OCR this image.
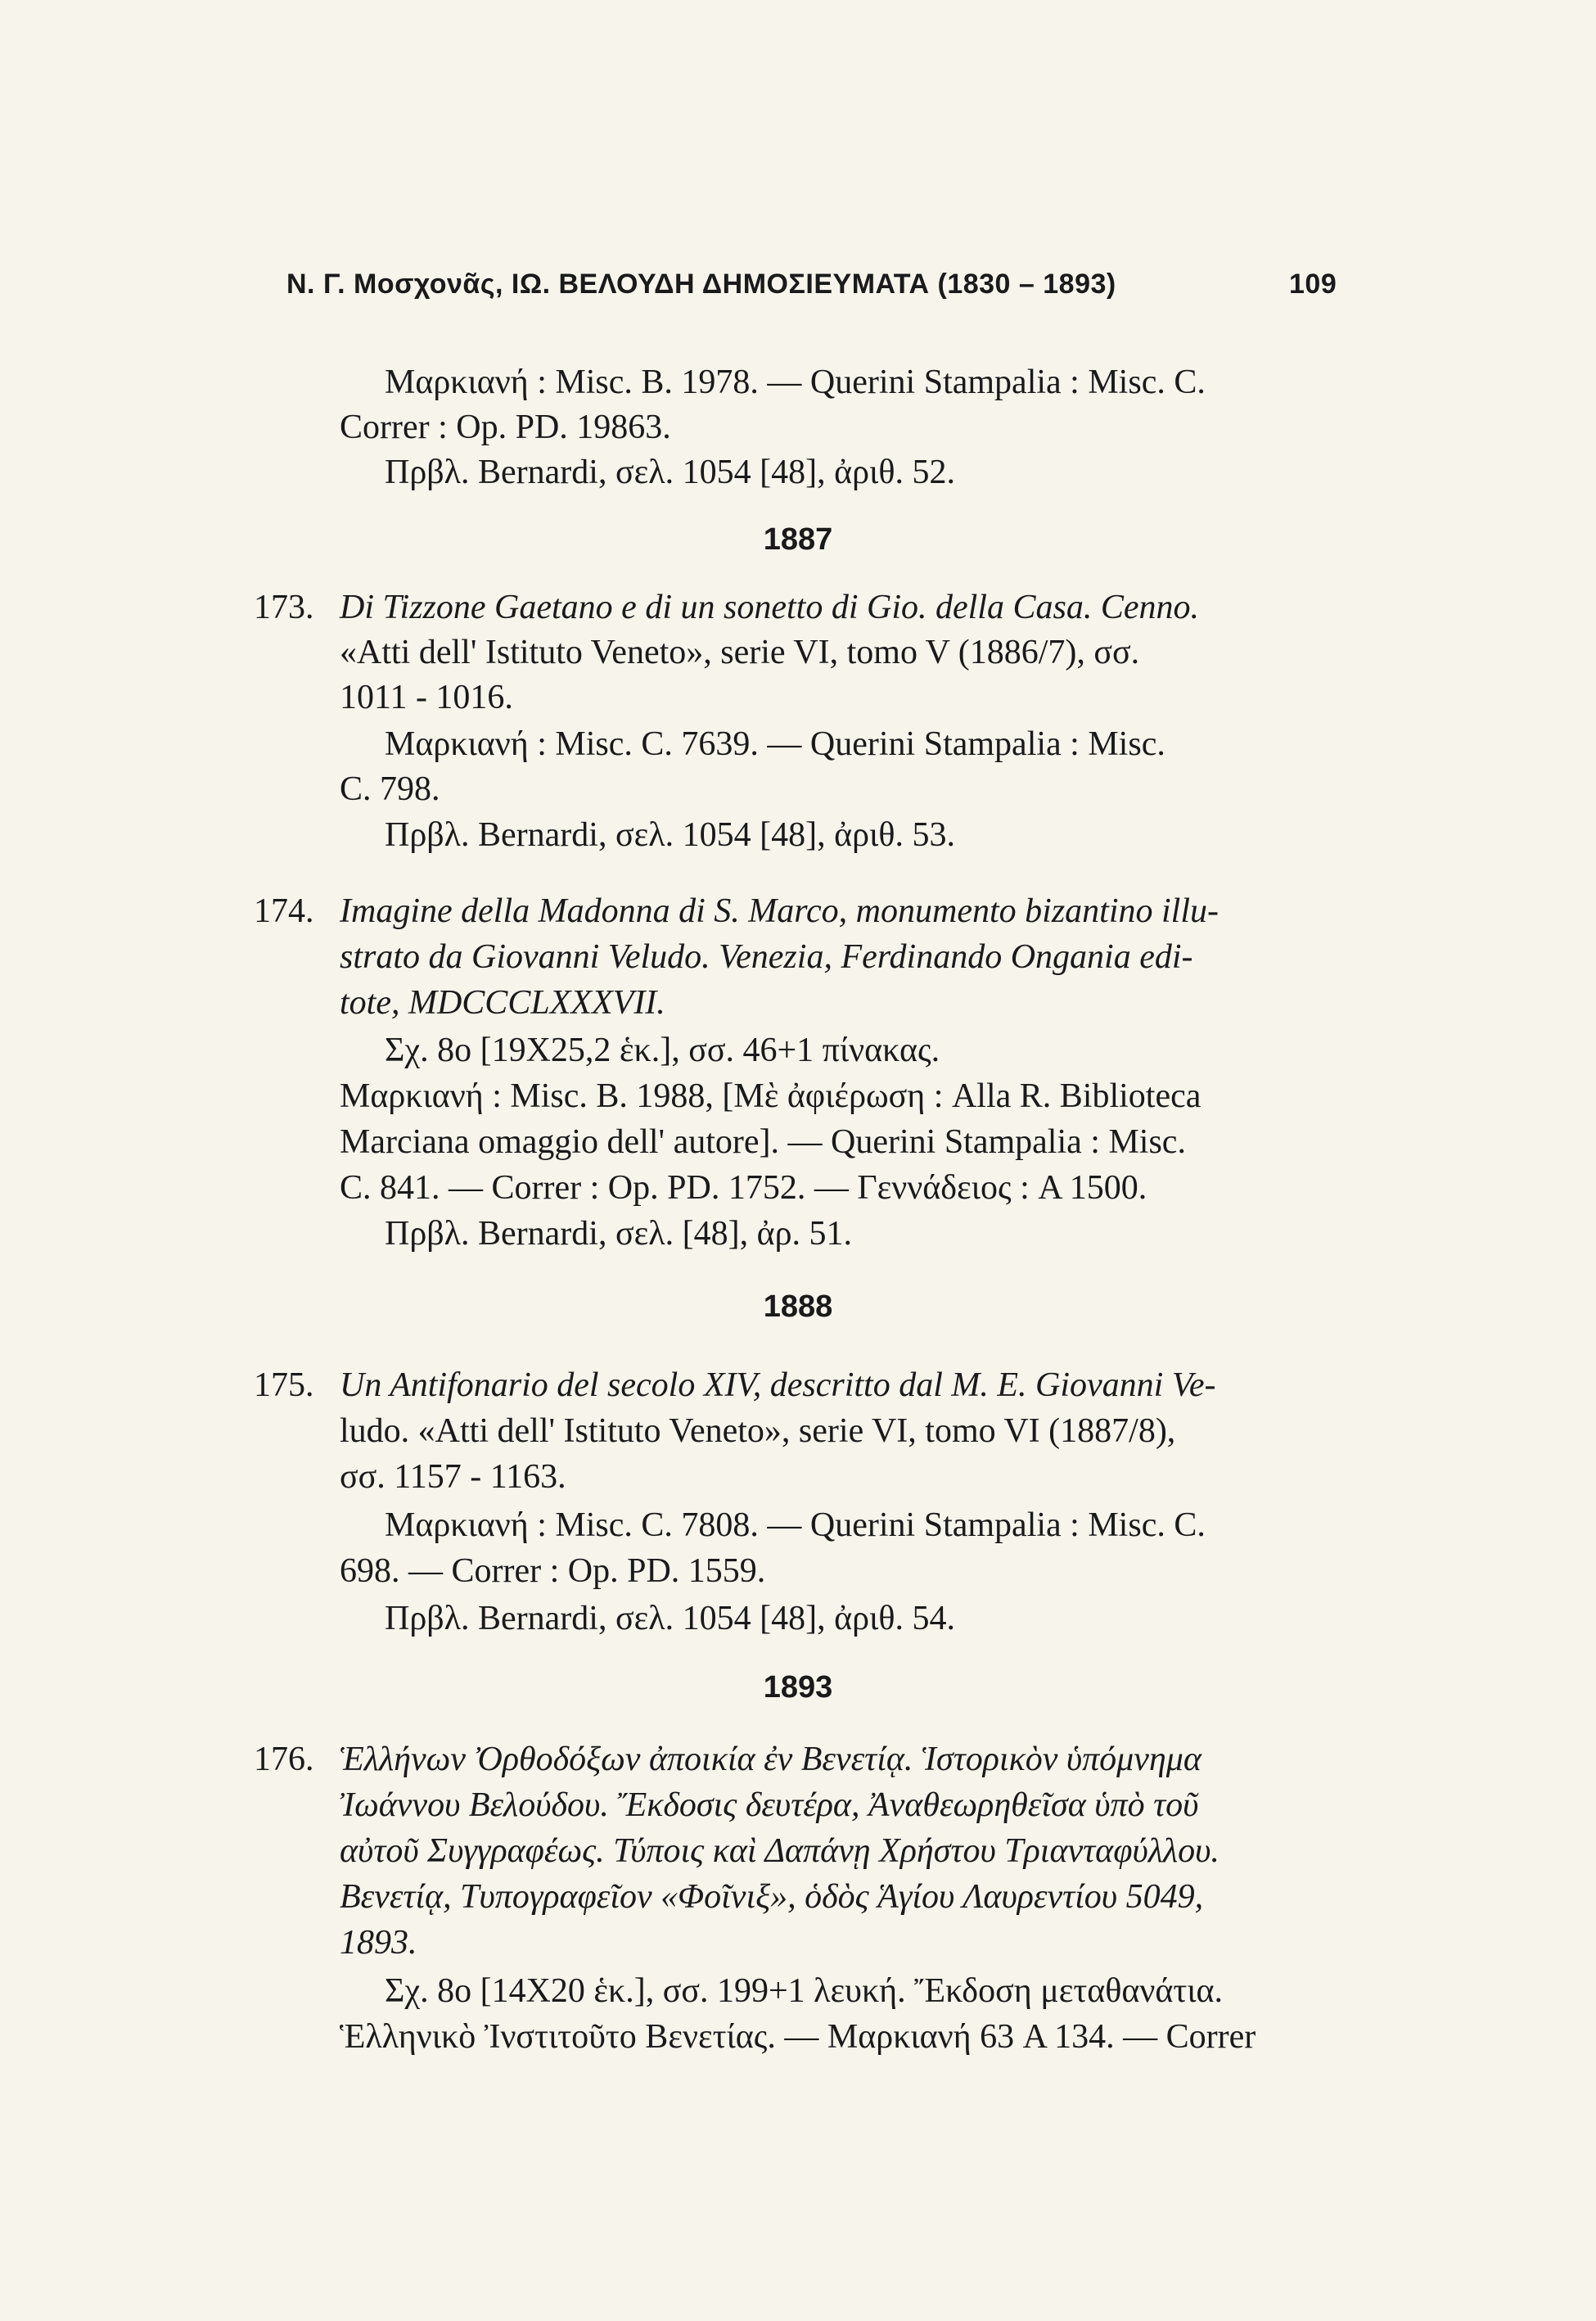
Ν. Γ. Μοσχονᾶς, ΙΩ. ΒΕΛΟΥΔΗ ΔΗΜΟΣΙΕΥΜΑΤΑ (1830 – 1893)	109
Μαρκιανή : Misc. B. 1978. — Querini Stampalia : Misc. C.
Correr : Op. PD. 19863.
Πρβλ. Bernardi, σελ. 1054 [48], ἀριθ. 52.
1887
173. Di Tizzone Gaetano e di un sonetto di Gio. della Casa. Cenno.
«Atti dell' Istituto Veneto», serie VI, tomo V (1886/7), σσ.
1011 - 1016.
Μαρκιανή : Misc. C. 7639. — Querini Stampalia : Misc.
C. 798.
Πρβλ. Bernardi, σελ. 1054 [48], ἀριθ. 53.
174. Imagine della Madonna di S. Marco, monumento bizantino illu-
strato da Giovanni Veludo. Venezia, Ferdinando Ongania edi-
tote, MDCCCLXXXVII.
Σχ. 8ο [19X25,2 ἑκ.], σσ. 46+1 πίνακας.
Μαρκιανή : Misc. B. 1988, [Μὲ ἀφιέρωση : Alla R. Biblioteca
Marciana omaggio dell' autore]. — Querini Stampalia : Misc.
C. 841. — Correr : Op. PD. 1752. — Γεννάδειος : A 1500.
Πρβλ. Bernardi, σελ. [48], ἀρ. 51.
1888
175. Un Antifonario del secolo XIV, descritto dal M. E. Giovanni Ve-
ludo. «Atti dell' Istituto Veneto», serie VI, tomo VI (1887/8),
σσ. 1157 - 1163.
Μαρκιανή : Misc. C. 7808. — Querini Stampalia : Misc. C.
698. — Correr : Op. PD. 1559.
Πρβλ. Bernardi, σελ. 1054 [48], ἀριθ. 54.
1893
176. Ἑλλήνων Ὀρθοδόξων ἀποικία ἐν Βενετίᾳ. Ἱστορικὸν ὑπόμνημα
Ἰωάννου Βελούδου. Ἔκδοσις δευτέρα, Ἀναθεωρηθεῖσα ὑπὸ τοῦ
αὐτοῦ Συγγραφέως. Τύποις καὶ Δαπάνῃ Χρήστου Τριανταφύλλου.
Βενετίᾳ, Τυπογραφεῖον «Φοῖνιξ», ὁδὸς Ἁγίου Λαυρεντίου 5049,
1893.
Σχ. 8ο [14X20 ἑκ.], σσ. 199+1 λευκή. Ἔκδοση μεταθανάτια.
Ἑλληνικὸ Ἰνστιτοῦτο Βενετίας. — Μαρκιανή 63 A 134. — Correr
